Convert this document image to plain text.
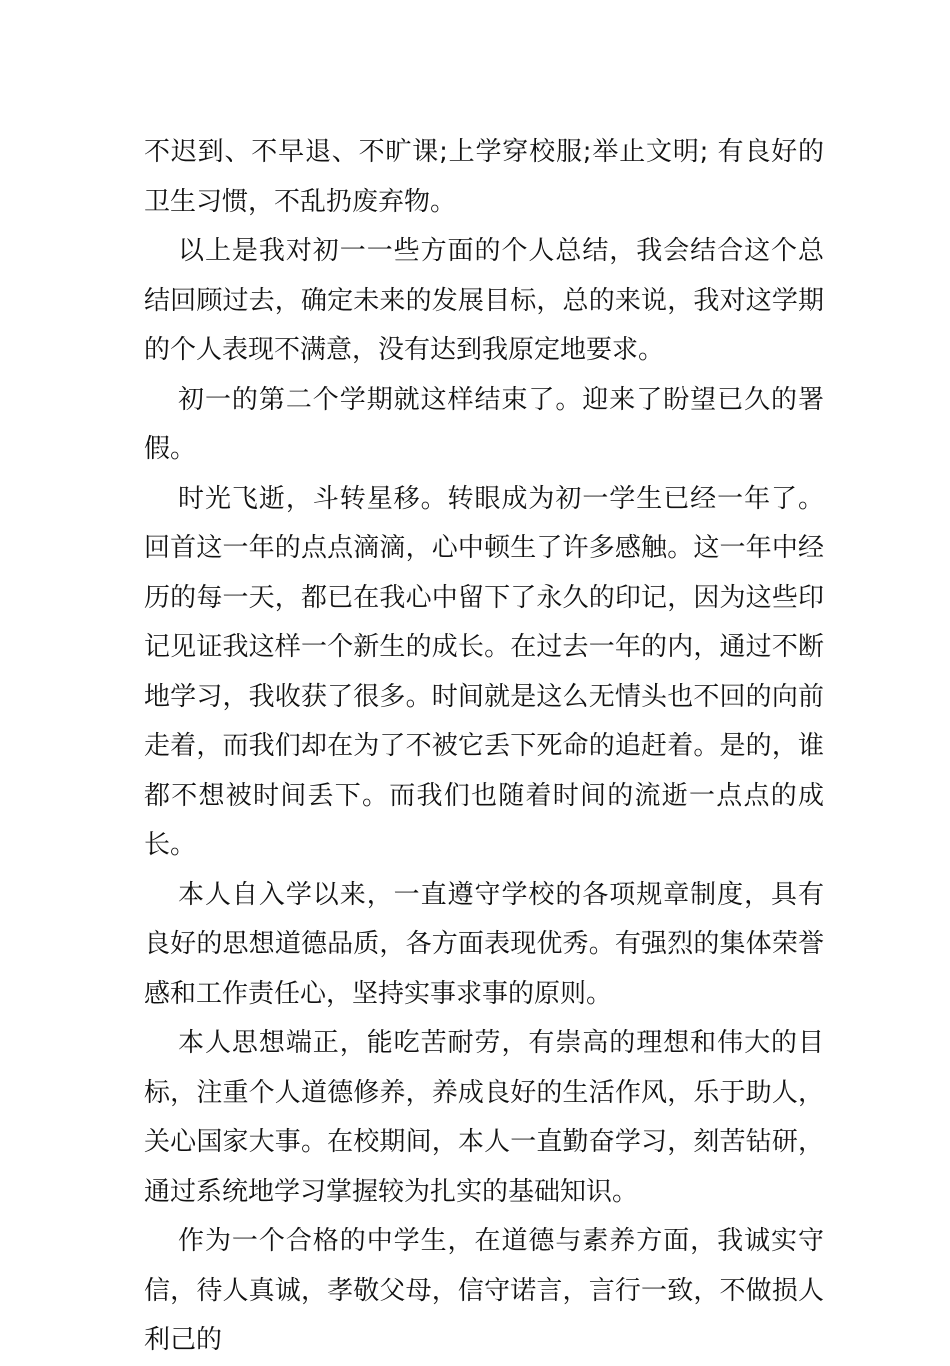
不迟到、不早退、不旷课;上学穿校服;举止文明; 有良好的卫生习惯，不乱扔废弃物。

以上是我对初一一些方面的个人总结，我会结合这个总结回顾过去，确定未来的发展目标，总的来说，我对这学期的个人表现不满意，没有达到我原定地要求。

初一的第二个学期就这样结束了。迎来了盼望已久的署假。

时光飞逝，斗转星移。转眼成为初一学生已经一年了。回首这一年的点点滴滴，心中顿生了许多感触。这一年中经历的每一天，都已在我心中留下了永久的印记，因为这些印记见证我这样一个新生的成长。在过去一年的内，通过不断地学习，我收获了很多。时间就是这么无情头也不回的向前走着，而我们却在为了不被它丢下死命的追赶着。是的，谁都不想被时间丢下。而我们也随着时间的流逝一点点的成长。

本人自入学以来，一直遵守学校的各项规章制度，具有良好的思想道德品质，各方面表现优秀。有强烈的集体荣誉感和工作责任心，坚持实事求事的原则。

本人思想端正，能吃苦耐劳，有崇高的理想和伟大的目标，注重个人道德修养，养成良好的生活作风，乐于助人，关心国家大事。在校期间，本人一直勤奋学习，刻苦钻研，通过系统地学习掌握较为扎实的基础知识。

作为一个合格的中学生，在道德与素养方面，我诚实守信，待人真诚，孝敬父母，信守诺言，言行一致，不做损人利己的
